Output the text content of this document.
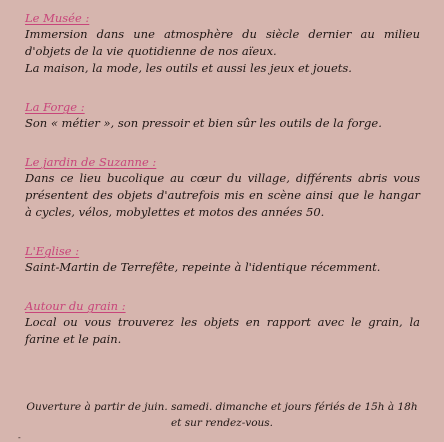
Le Musée :
Immersion dans une atmosphère du siècle dernier au milieu d'objets de la vie quotidienne de nos aïeux.
La maison, la mode, les outils et aussi les jeux et jouets.
La Forge :
Son « métier », son pressoir et bien sûr les outils de la forge.
Le jardin de Suzanne :
Dans ce lieu bucolique au cœur du village, différents abris vous présentent des objets d'autrefois mis en scène ainsi que le hangar à cycles, vélos, mobylettes et motos des années 50.
L'Eglise :
Saint-Martin de Terrefête, repeinte à l'identique récemment.
Autour du grain :
Local ou vous trouverez les objets en rapport avec le grain, la farine et le pain.
Ouverture à partir de juin. samedi. dimanche et jours fériés de 15h à 18h
et sur rendez-vous.
-
